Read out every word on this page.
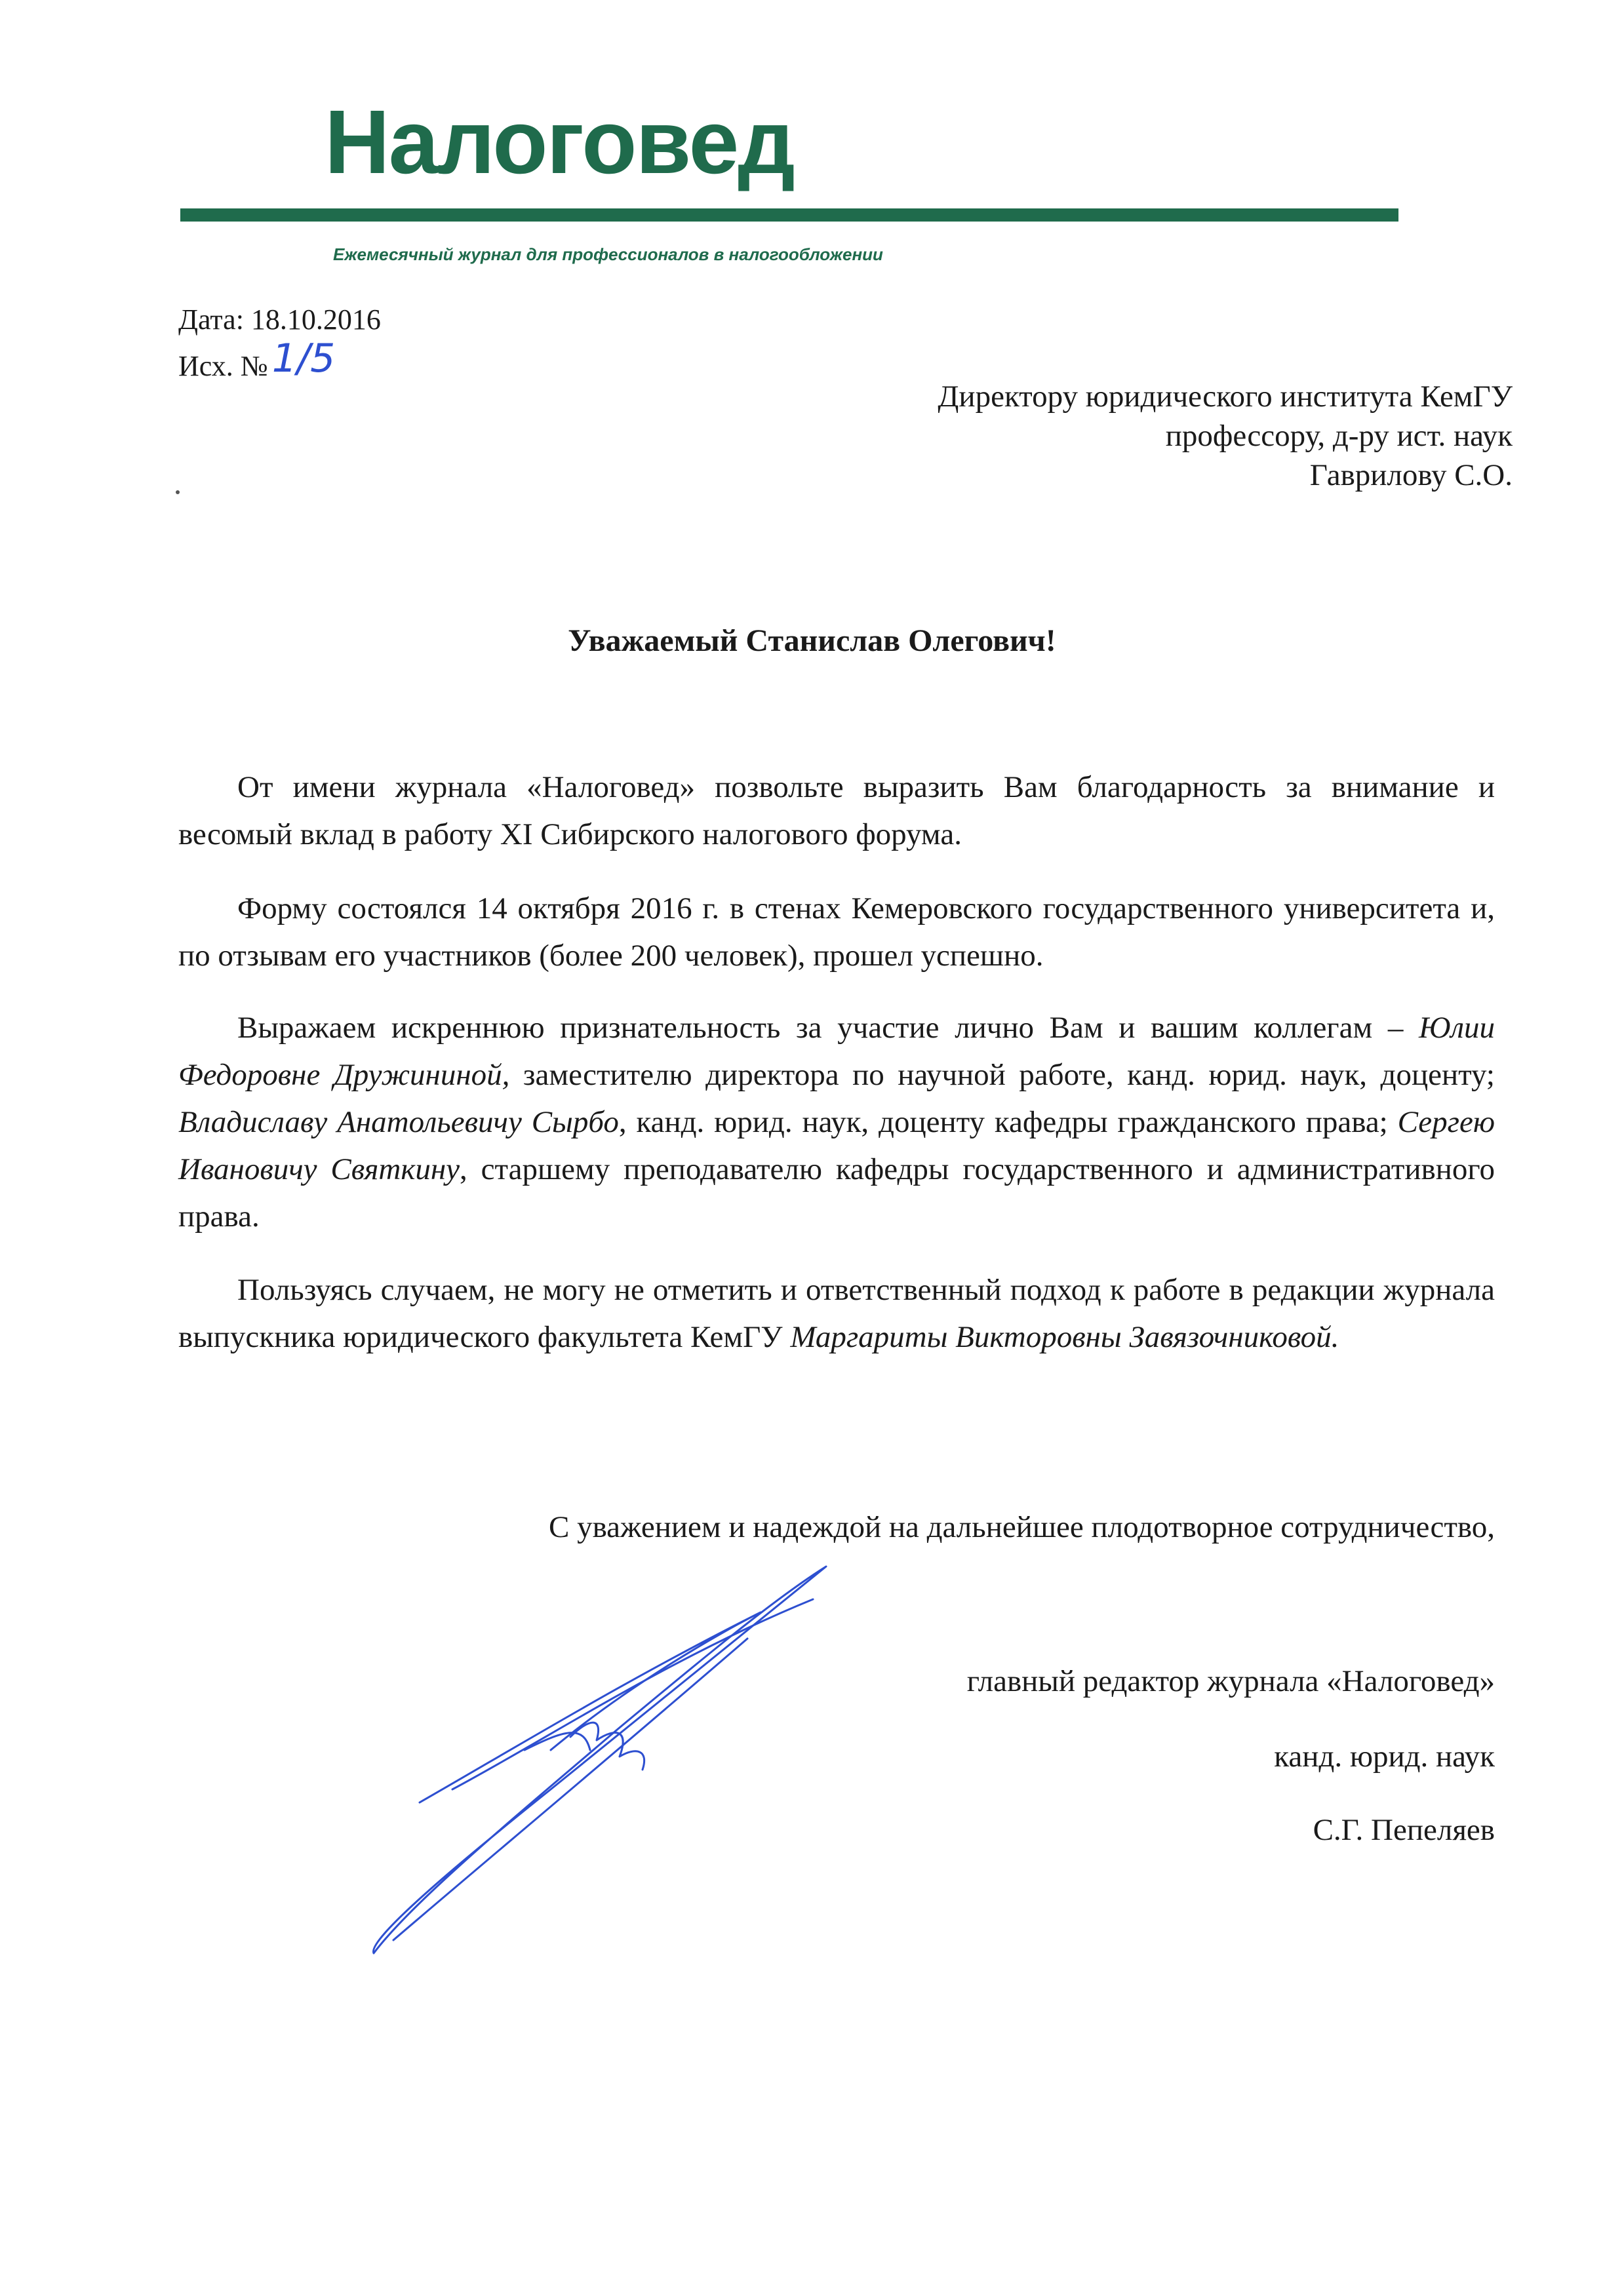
Налоговед
Ежемесячный журнал для профессионалов в налогообложении
Дата: 18.10.2016
Исх. № 1/5
Директору юридического института КемГУ
профессору, д-ру ист. наук
Гаврилову С.О.
Уважаемый Станислав Олегович!
От имени журнала «Налоговед» позвольте выразить Вам благодарность за внимание и весомый вклад в работу XI Сибирского налогового форума.
Форму состоялся 14 октября 2016 г. в стенах Кемеровского государственного университета и, по отзывам его участников (более 200 человек), прошел успешно.
Выражаем искреннюю признательность за участие лично Вам и вашим коллегам – Юлии Федоровне Дружининой, заместителю директора по научной работе, канд. юрид. наук, доценту; Владиславу Анатольевичу Сырбо, канд. юрид. наук, доценту кафедры гражданского права; Сергею Ивановичу Святкину, старшему преподавателю кафедры государственного и административного права.
Пользуясь случаем, не могу не отметить и ответственный подход к работе в редакции журнала выпускника юридического факультета КемГУ Маргариты Викторовны Завязочниковой.
С уважением и надеждой на дальнейшее плодотворное сотрудничество,
главный редактор журнала «Налоговед»
канд. юрид. наук
С.Г. Пепеляев
